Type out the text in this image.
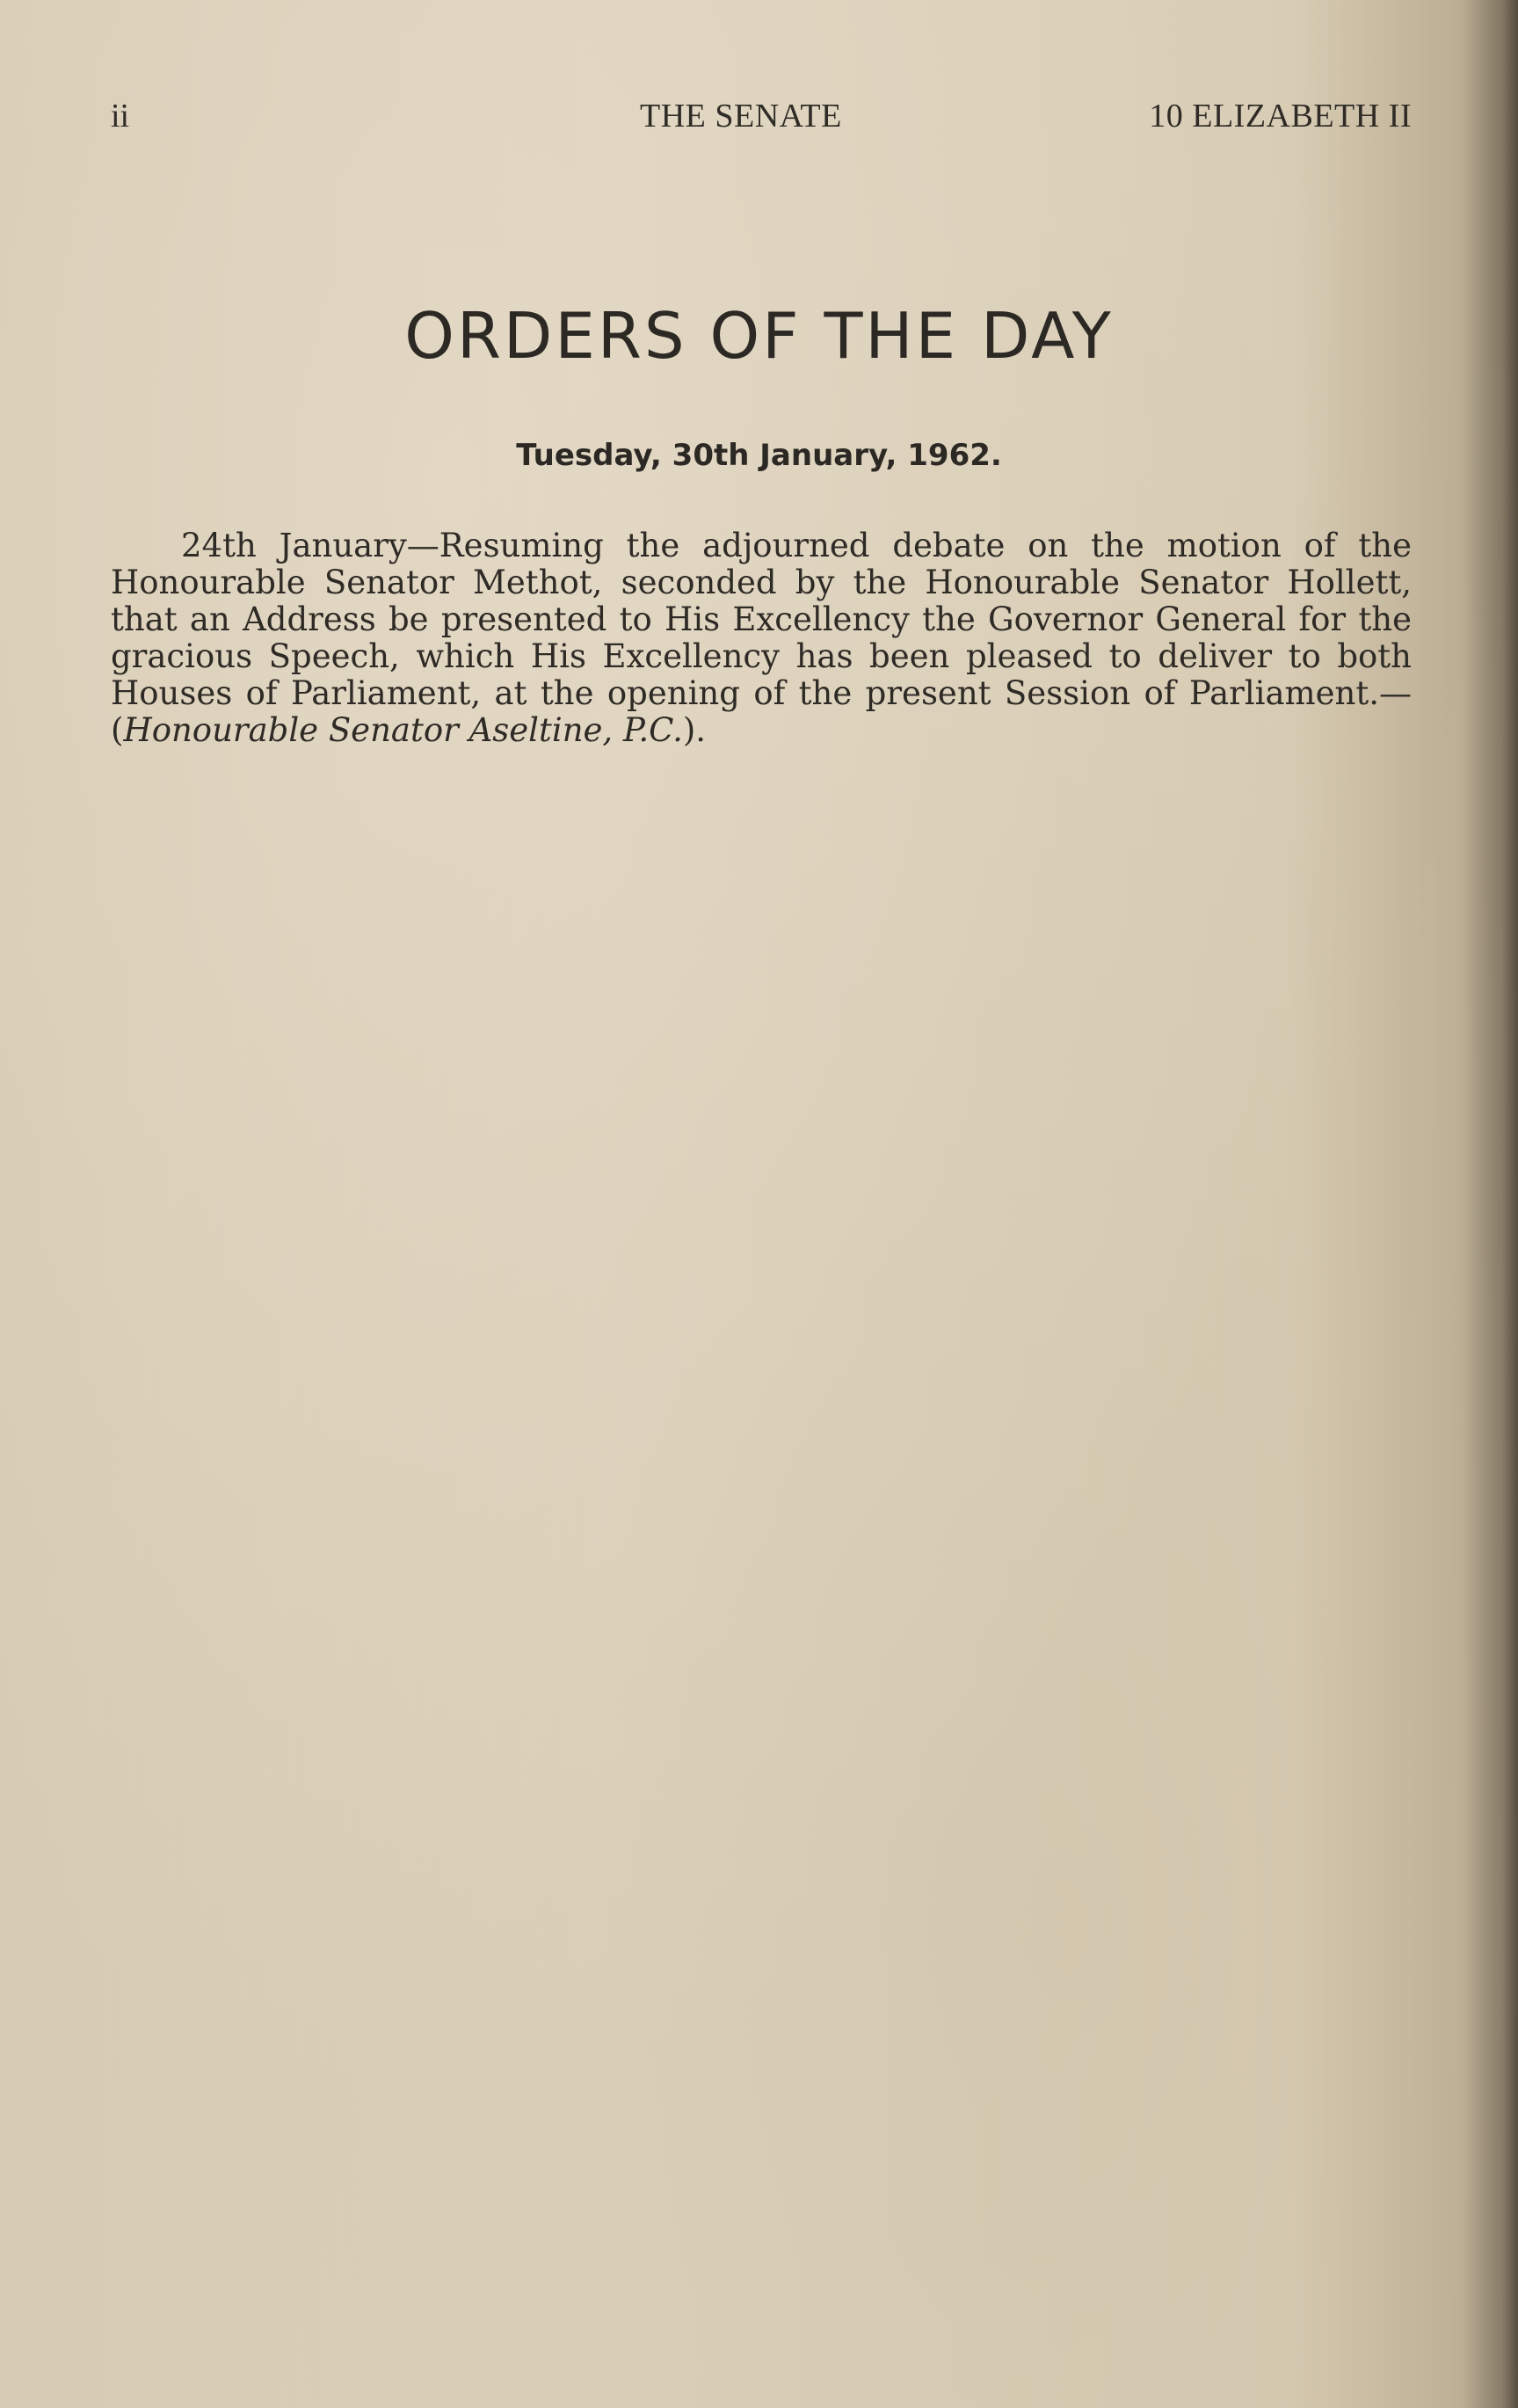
ii	THE SENATE	10 ELIZABETH II
ORDERS OF THE DAY
Tuesday, 30th January, 1962.

24th January—Resuming the adjourned debate on the motion of the Honourable Senator Methot, seconded by the Honourable Senator Hollett, that an Address be presented to His Excellency the Governor General for the gracious Speech, which His Excellency has been pleased to deliver to both Houses of Parliament, at the opening of the present Session of Parliament.—(Honourable Senator Aseltine, P.C.).
